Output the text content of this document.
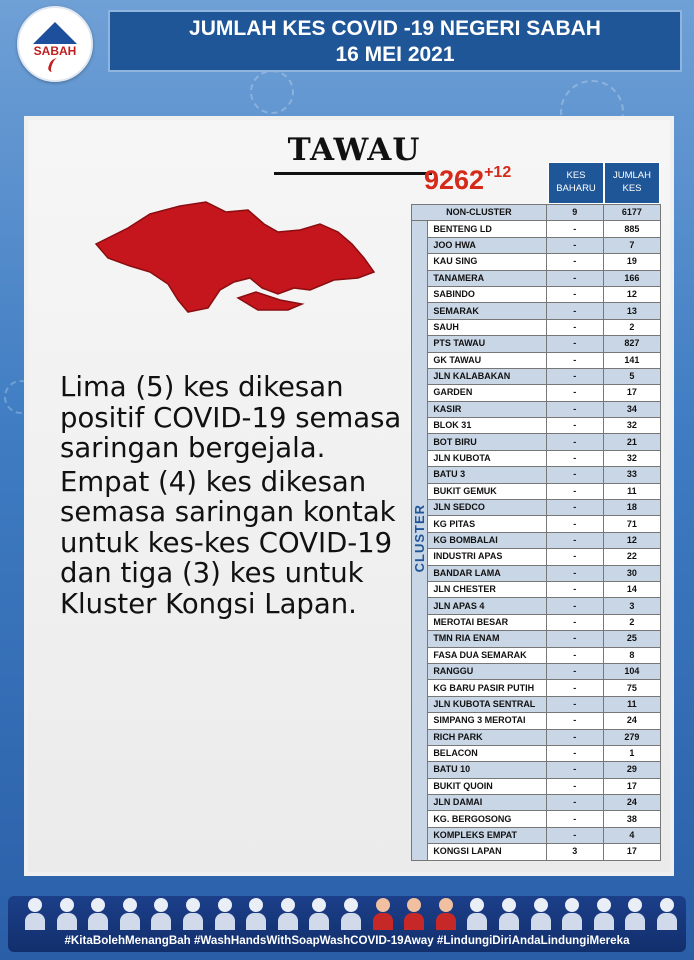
SABAH
JUMLAH KES COVID -19 NEGERI SABAH
16 MEI 2021
TAWAU
$9262^{+12}$

Lima (5) kes dikesan positif COVID-19 semasa saringan bergejala.

Empat (4) kes dikesan semasa saringan kontak untuk kes-kes COVID-19 dan tiga (3) kes untuk Kluster Kongsi Lapan.

KES BAHARU
JUMLAH KES
NON-CLUSTER		9	6177
CLUSTER	BENTENG LD	-	885
	JOO HWA	-	7
	KAU SING	-	19
	TANAMERA	-	166
	SABINDO	-	12
	SEMARAK	-	13
	SAUH	-	2
	PTS TAWAU	-	827
	GK TAWAU	-	141
	JLN KALABAKAN	-	5
	GARDEN	-	17
	KASIR	-	34
	BLOK 31	-	32
	BOT BIRU	-	21
	JLN KUBOTA	-	32
	BATU 3	-	33
	BUKIT GEMUK	-	11
	JLN SEDCO	-	18
	KG PITAS	-	71
	KG BOMBALAI	-	12
	INDUSTRI APAS	-	22
	BANDAR LAMA	-	30
	JLN CHESTER	-	14
	JLN APAS 4	-	3
	MEROTAI BESAR	-	2
	TMN RIA ENAM	-	25
	FASA DUA SEMARAK	-	8
	RANGGU	-	104
	KG BARU PASIR PUTIH	-	75
	JLN KUBOTA SENTRAL	-	11
	SIMPANG 3 MEROTAI	-	24
	RICH PARK	-	279
	BELACON	-	1
	BATU 10	-	29
	BUKIT QUOIN	-	17
	JLN DAMAI	-	24
	KG. BERGOSONG	-	38
	KOMPLEKS EMPAT	-	4
	KONGSI LAPAN	3	17
#KitaBolehMenangBah #WashHandsWithSoapWashCOVID-19Away #LindungiDiriAndaLindungiMereka
